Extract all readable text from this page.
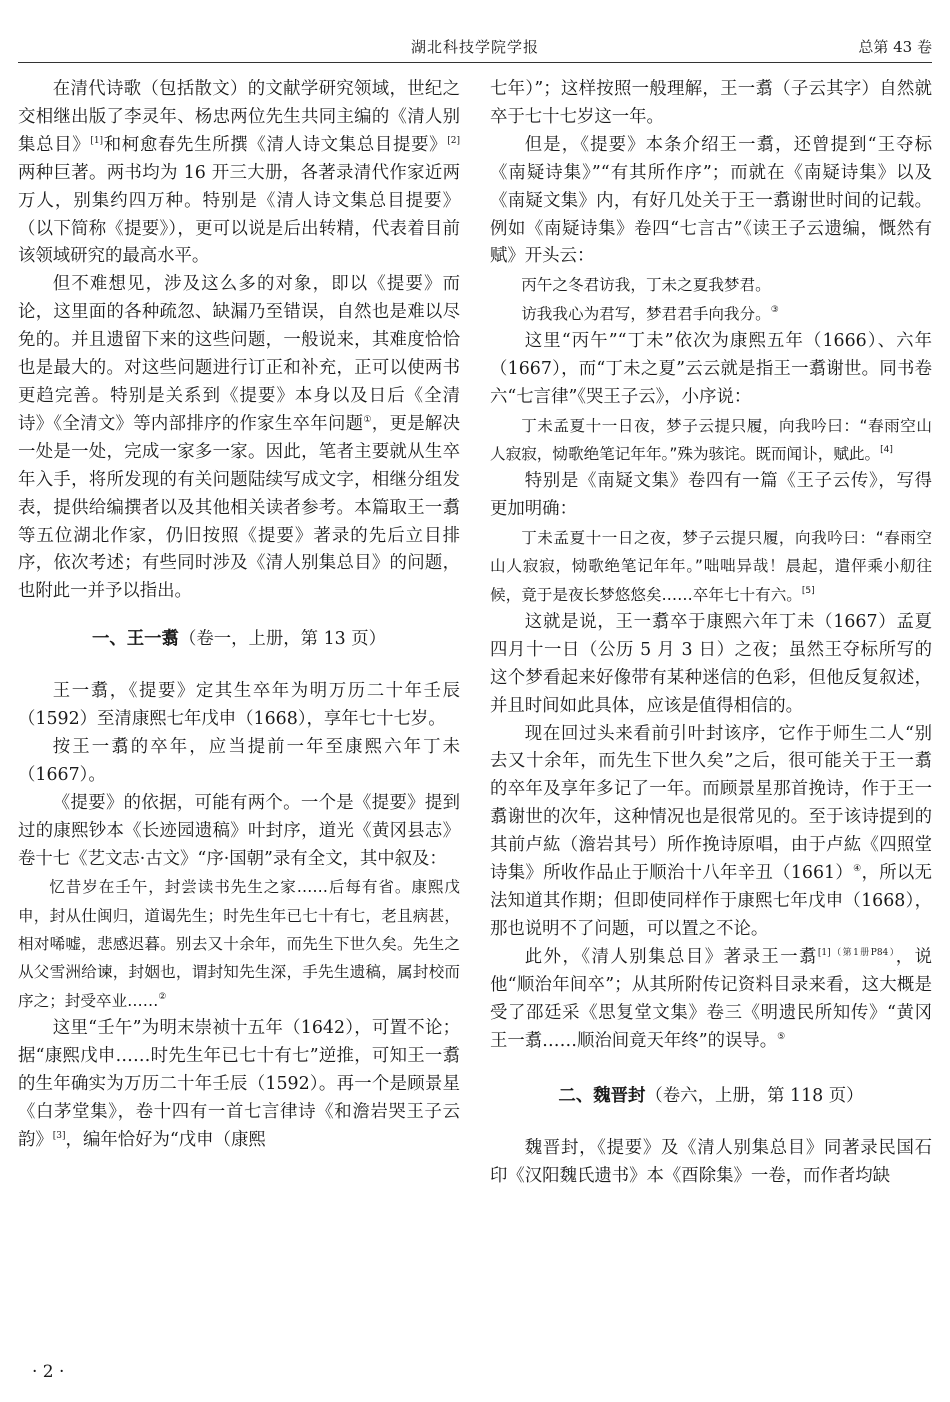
湖北科技学院学报	总第 43 卷

在清代诗歌（包括散文）的文献学研究领域，世纪之交相继出版了李灵年、杨忠两位先生共同主编的《清人别集总目》[1]和柯愈春先生所撰《清人诗文集总目提要》[2]两种巨著。两书均为 16 开三大册，各著录清代作家近两万人，别集约四万种。特别是《清人诗文集总目提要》（以下简称《提要》），更可以说是后出转精，代表着目前该领域研究的最高水平。

但不难想见，涉及这么多的对象，即以《提要》而论，这里面的各种疏忽、缺漏乃至错误，自然也是难以尽免的。并且遗留下来的这些问题，一般说来，其难度恰恰也是最大的。对这些问题进行订正和补充，正可以使两书更趋完善。特别是关系到《提要》本身以及日后《全清诗》《全清文》等内部排序的作家生卒年问题①，更是解决一处是一处，完成一家多一家。因此，笔者主要就从生卒年入手，将所发现的有关问题陆续写成文字，相继分组发表，提供给编撰者以及其他相关读者参考。本篇取王一翥等五位湖北作家，仍旧按照《提要》著录的先后立目排序，依次考述；有些同时涉及《清人别集总目》的问题，也附此一并予以指出。

一、王一翥（卷一，上册，第 13 页）

王一翥，《提要》定其生卒年为明万历二十年壬辰（1592）至清康熙七年戊申（1668），享年七十七岁。

按王一翥的卒年，应当提前一年至康熙六年丁未（1667）。

《提要》的依据，可能有两个。一个是《提要》提到过的康熙钞本《长迹园遗稿》叶封序，道光《黄冈县志》卷十七《艺文志·古文》“序·国朝”录有全文，其中叙及：

忆昔岁在壬午，封尝读书先生之家……后每有省。康熙戊申，封从仕闽归，道谒先生；时先生年已七十有七，老且病甚，相对唏嘘，悲感迟暮。别去又十余年，而先生下世久矣。先生之从父雪洲给谏，封姻也，谓封知先生深，手先生遗稿，属封校而序之；封受卒业……②

这里“壬午”为明末崇祯十五年（1642），可置不论；据“康熙戊申……时先生年已七十有七”逆推，可知王一翥的生年确实为万历二十年壬辰（1592）。再一个是顾景星《白茅堂集》，卷十四有一首七言律诗《和澹岩哭王子云韵》[3]，编年恰好为“戊申（康熙

七年）”；这样按照一般理解，王一翥（子云其字）自然就卒于七十七岁这一年。

但是，《提要》本条介绍王一翥，还曾提到“王夺标《南疑诗集》”“有其所作序”；而就在《南疑诗集》以及《南疑文集》内，有好几处关于王一翥谢世时间的记载。例如《南疑诗集》卷四“七言古”《读王子云遗编，慨然有赋》开头云：

丙午之冬君访我，丁未之夏我梦君。

访我我心为君写，梦君君手向我分。③

这里“丙午”“丁未”依次为康熙五年（1666）、六年（1667），而“丁未之夏”云云就是指王一翥谢世。同书卷六“七言律”《哭王子云》，小序说：

丁未孟夏十一日夜，梦子云提只履，向我吟曰：“春雨空山人寂寂，恸歌绝笔记年年。”殊为骇诧。既而闻讣，赋此。[4]

特别是《南疑文集》卷四有一篇《王子云传》，写得更加明确：

丁未孟夏十一日之夜，梦子云提只履，向我吟曰：“春雨空山人寂寂，恸歌绝笔记年年。”咄咄异哉！晨起，遣伻乘小舠往候，竟于是夜长梦悠悠矣……卒年七十有六。[5]

这就是说，王一翥卒于康熙六年丁未（1667）孟夏四月十一日（公历 5 月 3 日）之夜；虽然王夺标所写的这个梦看起来好像带有某种迷信的色彩，但他反复叙述，并且时间如此具体，应该是值得相信的。

现在回过头来看前引叶封该序，它作于师生二人“别去又十余年，而先生下世久矣”之后，很可能关于王一翥的卒年及享年多记了一年。而顾景星那首挽诗，作于王一翥谢世的次年，这种情况也是很常见的。至于该诗提到的其前卢紘（澹岩其号）所作挽诗原唱，由于卢紘《四照堂诗集》所收作品止于顺治十八年辛丑（1661）④，所以无法知道其作期；但即使同样作于康熙七年戊申（1668），那也说明不了问题，可以置之不论。

此外，《清人别集总目》著录王一翥$^{[1](第1册P84)}$，说他“顺治年间卒”；从其所附传记资料目录来看，这大概是受了邵廷采《思复堂文集》卷三《明遗民所知传》“黄冈王一翥……顺治间竟天年终”的误导。⑤

二、魏晋封（卷六，上册，第 118 页）

魏晋封，《提要》及《清人别集总目》同著录民国石印《汉阳魏氏遗书》本《酉除集》一卷，而作者均缺

· 2 ·
